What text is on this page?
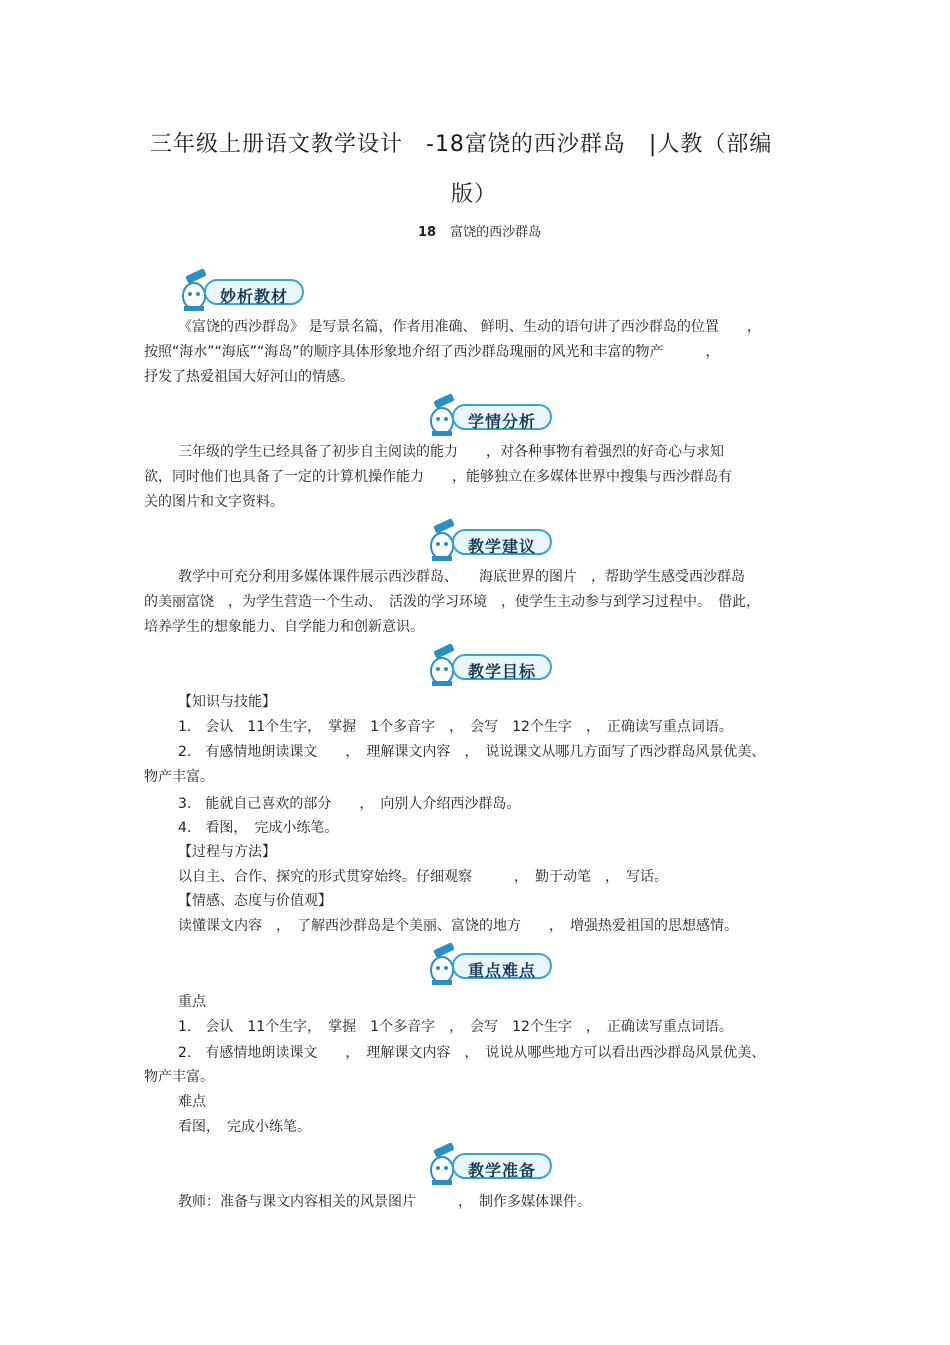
三年级上册语文教学设计　-18富饶的西沙群岛　|人教（部编
版）
18 富饶的西沙群岛
妙析教材
《富饶的西沙群岛》 是写景名篇，作者用准确、 鲜明、生动的语句讲了西沙群岛的位置　　，
按照“海水”“海底”“海岛”的顺序具体形象地介绍了西沙群岛瑰丽的风光和丰富的物产　　　，
抒发了热爱祖国大好河山的情感。
学情分析
三年级的学生已经具备了初步自主阅读的能力　　，对各种事物有着强烈的好奇心与求知
欲，同时他们也具备了一定的计算机操作能力　　，能够独立在多媒体世界中搜集与西沙群岛有
关的图片和文字资料。
教学建议
教学中可充分利用多媒体课件展示西沙群岛、　　海底世界的图片　，帮助学生感受西沙群岛
的美丽富饶　，为学生营造一个生动、　活泼的学习环境　，使学生主动参与到学习过程中。　借此，
培养学生的想象能力、自学能力和创新意识。
教学目标
【知识与技能】
1.　会认　11个生字，　掌握　1个多音字　，　会写　12个生字　，　正确读写重点词语。
2.　有感情地朗读课文　　，　理解课文内容　，　说说课文从哪几方面写了西沙群岛风景优美、
物产丰富。
3.　能就自己喜欢的部分　　，　向别人介绍西沙群岛。
4.　看图，　完成小练笔。
【过程与方法】
以自主、合作、探究的形式贯穿始终。仔细观察　　　，　勤于动笔　，　写话。
【情感、态度与价值观】
读懂课文内容　，　了解西沙群岛是个美丽、富饶的地方　　，　增强热爱祖国的思想感情。
重点难点
重点
1.　会认　11个生字，　掌握　1个多音字　，　会写　12个生字　，　正确读写重点词语。
2.　有感情地朗读课文　　，　理解课文内容　，　说说从哪些地方可以看出西沙群岛风景优美、
物产丰富。
难点
看图，　完成小练笔。
教学准备
教师：准备与课文内容相关的风景图片　　　，　制作多媒体课件。
